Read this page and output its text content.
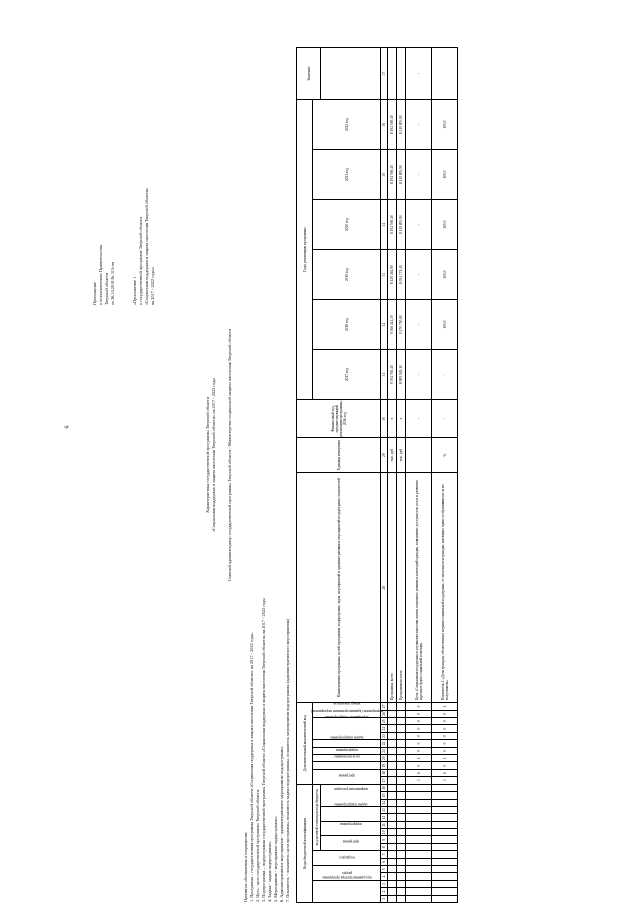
6
Приложение к постановлению Правительства Тверской области от 26.10.2018 № 315-пп	«Приложение 1 к государственной программе Тверской области «Социальная поддержка и защита населения Тверской области» на 2017 - 2022 годы»
Характеристика государственной программы Тверской области «Социальная поддержка и защита населения Тверской области» на 2017 - 2022 годы	Главный администратор государственной программы Тверской области - Министерство социальной защиты населения Тверской области
Принятые обозначения и сокращения: 1. Программа – государственная программа Тверской области «Социальная поддержка и защита населения Тверской области» на 2017 - 2022 годы. 2. Цель - цель государственной программы Тверской области. 3. Подпрограмма – подпрограмма государственной программы Тверской области «Социальная поддержка и защита населения Тверской области» на 2017 - 2022 годы 4. Задача - задача подпрограммы. 5. Мероприятие - мероприятие подпрограммы. 6. Административное мероприятие - административное мероприятие подпрограммы. 7. Показатель - показатель цели программы, показатель задачи подпрограммы, показатель мероприятия подпрограммы (административного мероприятия)	Коды бюджетной классификации																Дополнительный аналитический код											Наименование программы, целей программы, подпрограмм, задач, мероприятий и административных мероприятий подпрограмм, показателей	Единица измерения	Финансовый год, предшествующий реализации программы, 2016 год	Годы реализации программы						Значение
код администратора программы			раздел		подраздел		код целевой статьи расхода бюджета									программа		цель программы	подпрограмма	задача подпрограммы	мероприятие (административное мероприятие)	мероприятие подпрограммы			номер показателя					2017 год	2018 год	2019 год	2020 год	2021 год	2022 год	
							программа		подпрограмма		задача подпрограммы		направление расходов																							
1	2	3	4	5	6	7	8	9	10	11	12	13	14	15	16	17	18	19	20	21	22	23	24	25	26	27	28	29	30	31	32	33	34	35	36	37
																											Программа, всего	тыс. руб	х	9 394 765,40	9 366 414,30	8 129 464,90	8 194 569,40	8 194 569,40	8 194 569,40	
																											Программная часть	тыс. руб	х	8 989 949,10	9 270 750,80	8 054 771,40	8 119 893,90	8 119 893,90	8 119 893,90	
																3	6	0	1	0	0	0	0	0	0	0	Цель «Социальная поддержка и улучшение качества жизни социально уязвимых категорий граждан, повышение доступности услуг и развития адресных форм социальной помощи»		-	-	-	-	-	-	-	-
																3	6	0	1	0	0	0	0	0	0	1	Показатель 1 «Доля граждан, обеспеченных мерами социальной поддержки, от численности граждан, имеющих право и обратившихся за их получением»	%	-	-	100,0	100,0	100,0	100,0	100,0	
